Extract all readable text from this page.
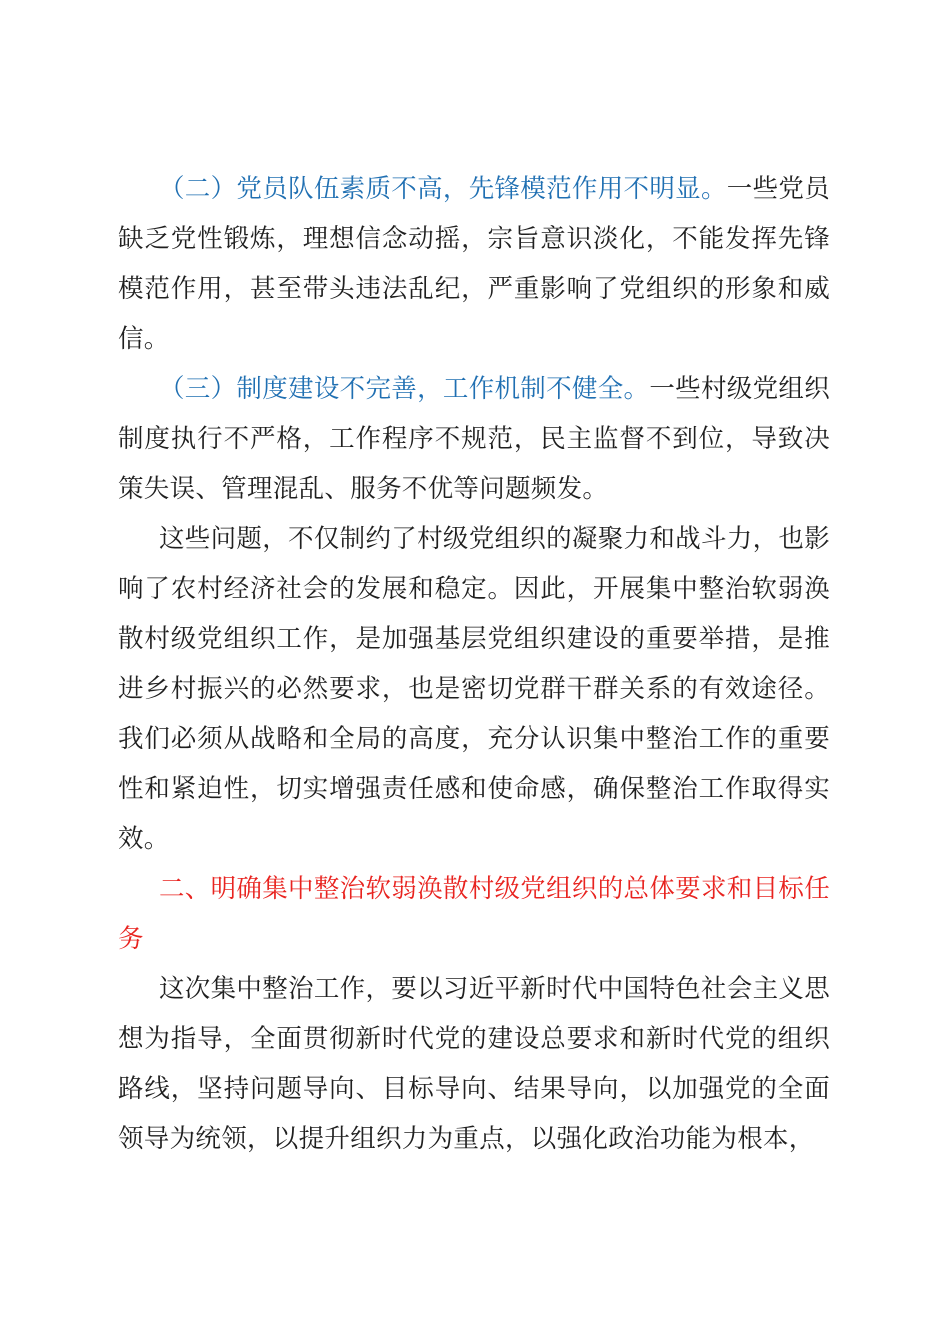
（二）党员队伍素质不高，先锋模范作用不明显。一些党员缺乏党性锻炼，理想信念动摇，宗旨意识淡化，不能发挥先锋模范作用，甚至带头违法乱纪，严重影响了党组织的形象和威信。

（三）制度建设不完善，工作机制不健全。一些村级党组织制度执行不严格，工作程序不规范，民主监督不到位，导致决策失误、管理混乱、服务不优等问题频发。

这些问题，不仅制约了村级党组织的凝聚力和战斗力，也影响了农村经济社会的发展和稳定。因此，开展集中整治软弱涣散村级党组织工作，是加强基层党组织建设的重要举措，是推进乡村振兴的必然要求，也是密切党群干群关系的有效途径。我们必须从战略和全局的高度，充分认识集中整治工作的重要性和紧迫性，切实增强责任感和使命感，确保整治工作取得实效。

二、明确集中整治软弱涣散村级党组织的总体要求和目标任务

这次集中整治工作，要以习近平新时代中国特色社会主义思想为指导，全面贯彻新时代党的建设总要求和新时代党的组织路线，坚持问题导向、目标导向、结果导向，以加强党的全面领导为统领，以提升组织力为重点，以强化政治功能为根本，
